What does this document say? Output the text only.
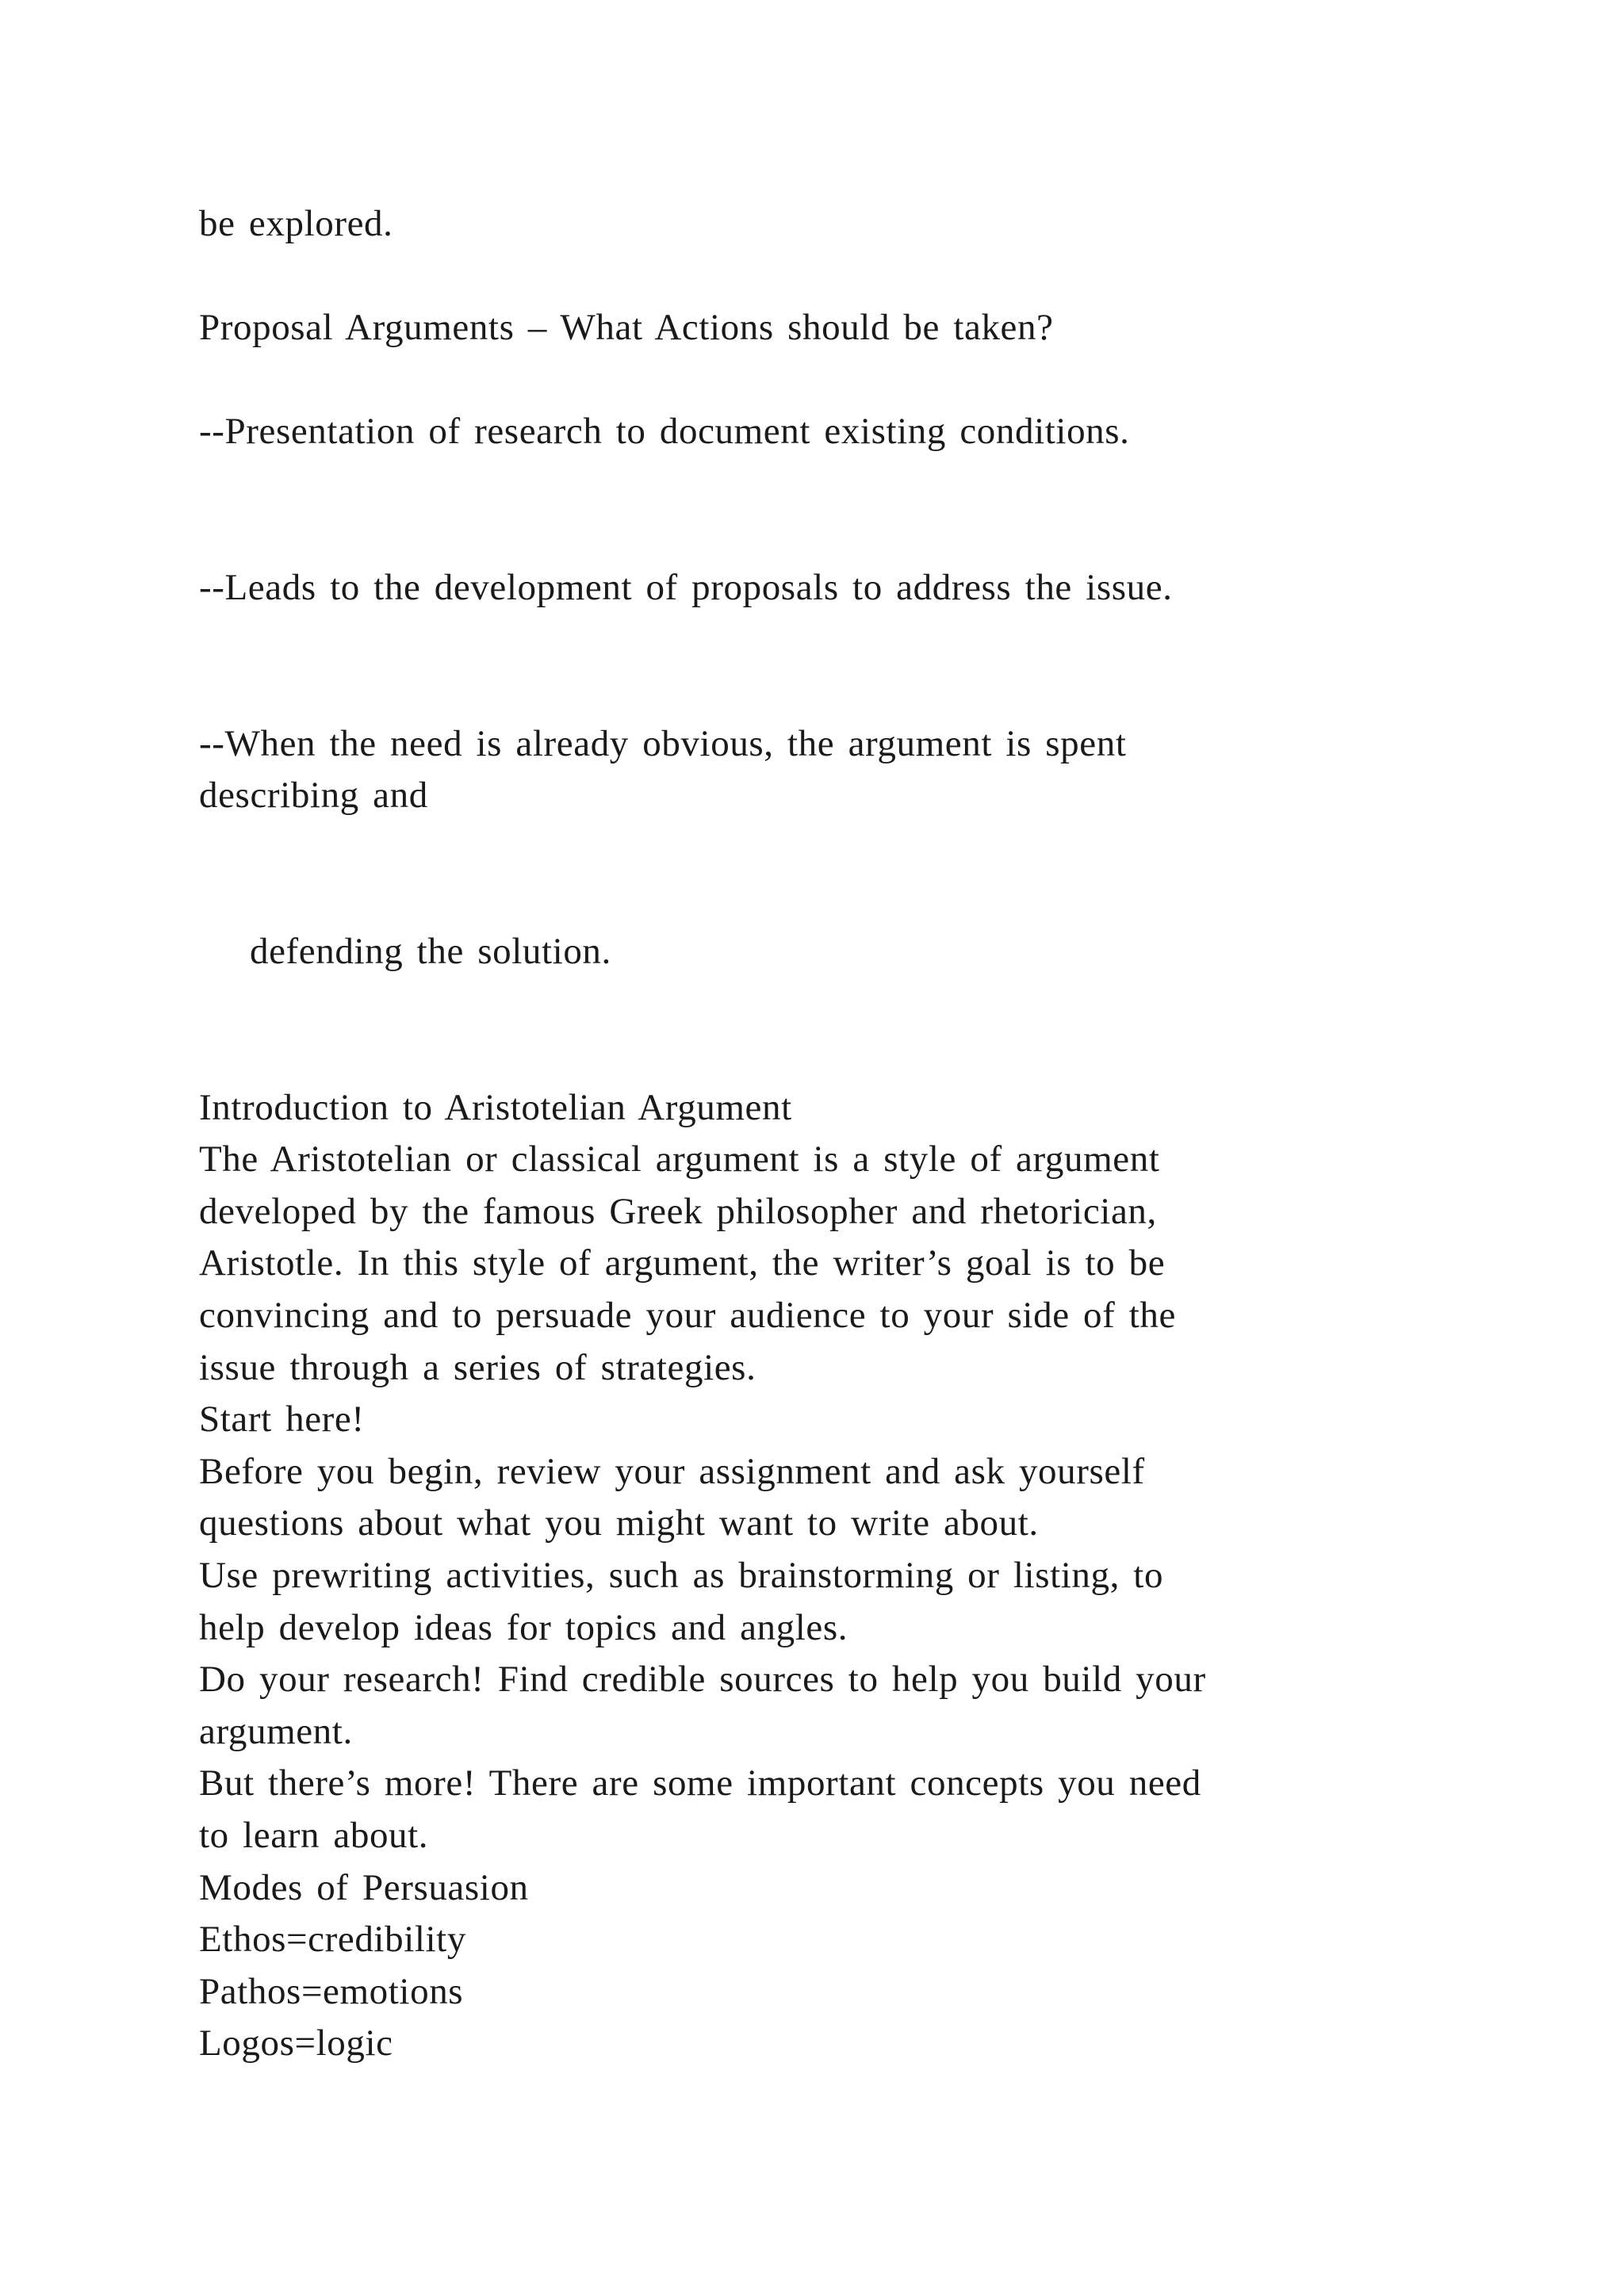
be explored.
Proposal Arguments – What Actions should be taken?
--Presentation of research to document existing conditions.
--Leads to the development of proposals to address the issue.
--When the need is already obvious, the argument is spent
describing and
defending the solution.
Introduction to Aristotelian Argument
The Aristotelian or classical argument is a style of argument
developed by the famous Greek philosopher and rhetorician,
Aristotle. In this style of argument, the writer’s goal is to be
convincing and to persuade your audience to your side of the
issue through a series of strategies.
Start here!
Before you begin, review your assignment and ask yourself
questions about what you might want to write about.
Use prewriting activities, such as brainstorming or listing, to
help develop ideas for topics and angles.
Do your research! Find credible sources to help you build your
argument.
But there’s more! There are some important concepts you need
to learn about.
Modes of Persuasion
Ethos=credibility
Pathos=emotions
Logos=logic
